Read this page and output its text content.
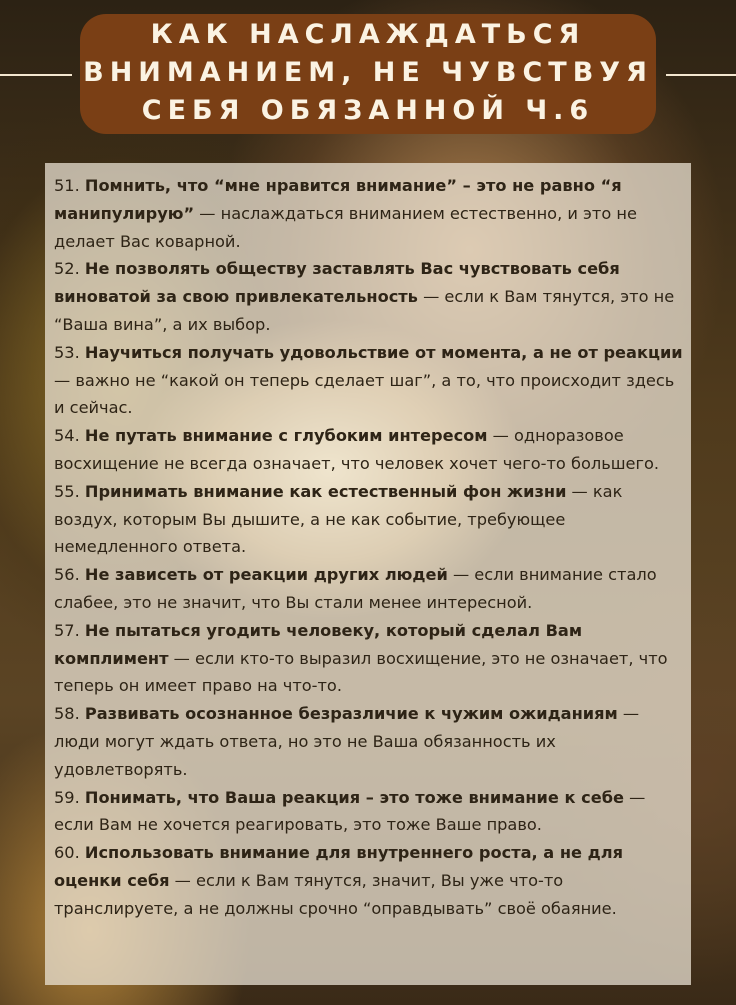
КАК НАСЛАЖДАТЬСЯ
ВНИМАНИЕМ, НЕ ЧУВСТВУЯ
СЕБЯ ОБЯЗАННОЙ Ч.6

51. Помнить, что “мне нравится внимание” – это не равно “я манипулирую” — наслаждаться вниманием естественно, и это не делает Вас коварной.

52. Не позволять обществу заставлять Вас чувствовать себя виноватой за свою привлекательность — если к Вам тянутся, это не “Ваша вина”, а их выбор.

53. Научиться получать удовольствие от момента, а не от реакции — важно не “какой он теперь сделает шаг”, а то, что происходит здесь и сейчас.

54. Не путать внимание с глубоким интересом — одноразовое восхищение не всегда означает, что человек хочет чего-то большего.

55. Принимать внимание как естественный фон жизни — как воздух, которым Вы дышите, а не как событие, требующее немедленного ответа.

56. Не зависеть от реакции других людей — если внимание стало слабее, это не значит, что Вы стали менее интересной.

57. Не пытаться угодить человеку, который сделал Вам комплимент — если кто-то выразил восхищение, это не означает, что теперь он имеет право на что-то.

58. Развивать осознанное безразличие к чужим ожиданиям — люди могут ждать ответа, но это не Ваша обязанность их удовлетворять.

59. Понимать, что Ваша реакция – это тоже внимание к себе — если Вам не хочется реагировать, это тоже Ваше право.

60. Использовать внимание для внутреннего роста, а не для оценки себя — если к Вам тянутся, значит, Вы уже что-то транслируете, а не должны срочно “оправдывать” своё обаяние.
